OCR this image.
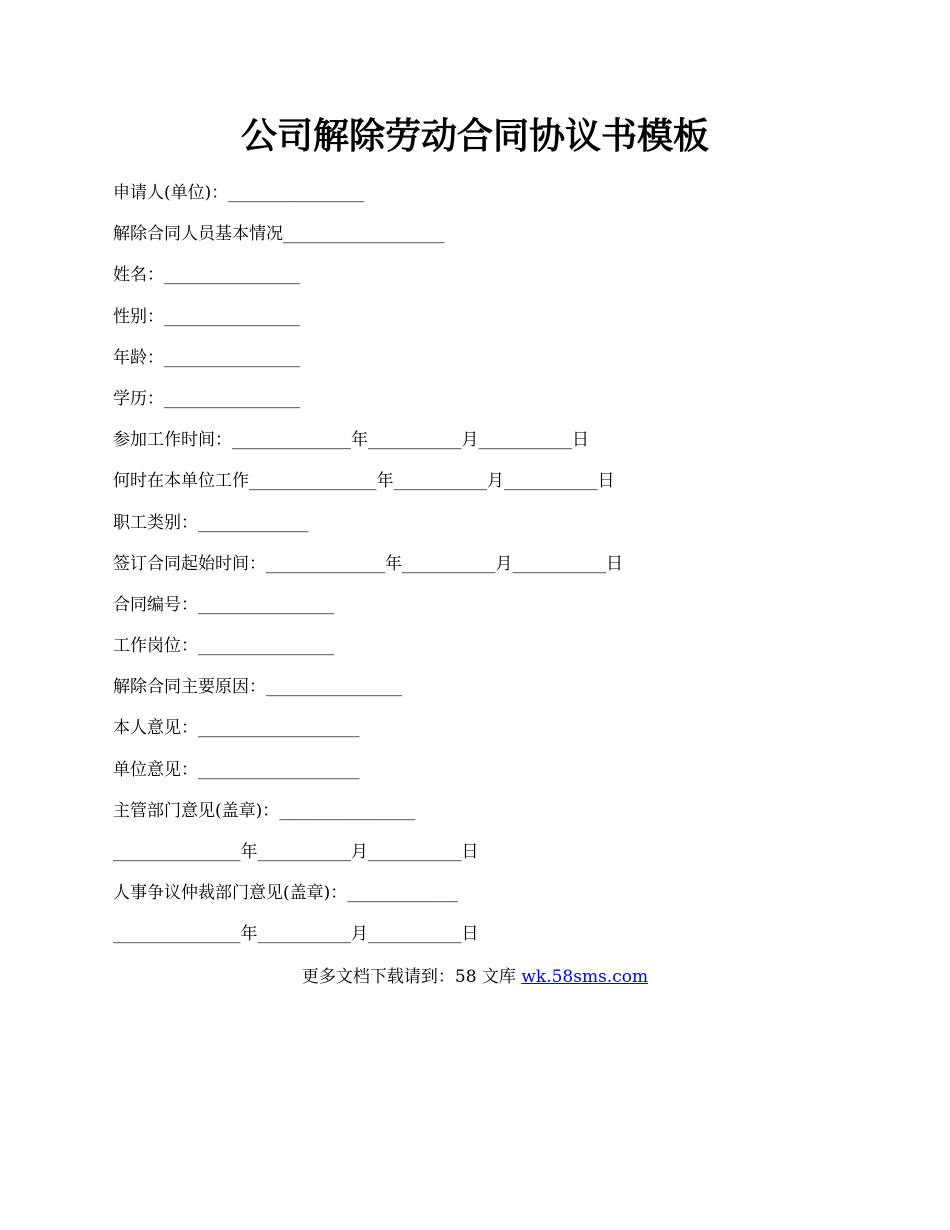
公司解除劳动合同协议书模板
申请人(单位)：________________
解除合同人员基本情况___________________
姓名：________________
性别：________________
年龄：________________
学历：________________
参加工作时间：______________年___________月___________日
何时在本单位工作_______________年___________月___________日
职工类别：_____________
签订合同起始时间：______________年___________月___________日
合同编号：________________
工作岗位：________________
解除合同主要原因：________________
本人意见：___________________
单位意见：___________________
主管部门意见(盖章)：________________
_______________年___________月___________日
人事争议仲裁部门意见(盖章)：_____________
_______________年___________月___________日
更多文档下载请到：58 文库 wk.58sms.com
